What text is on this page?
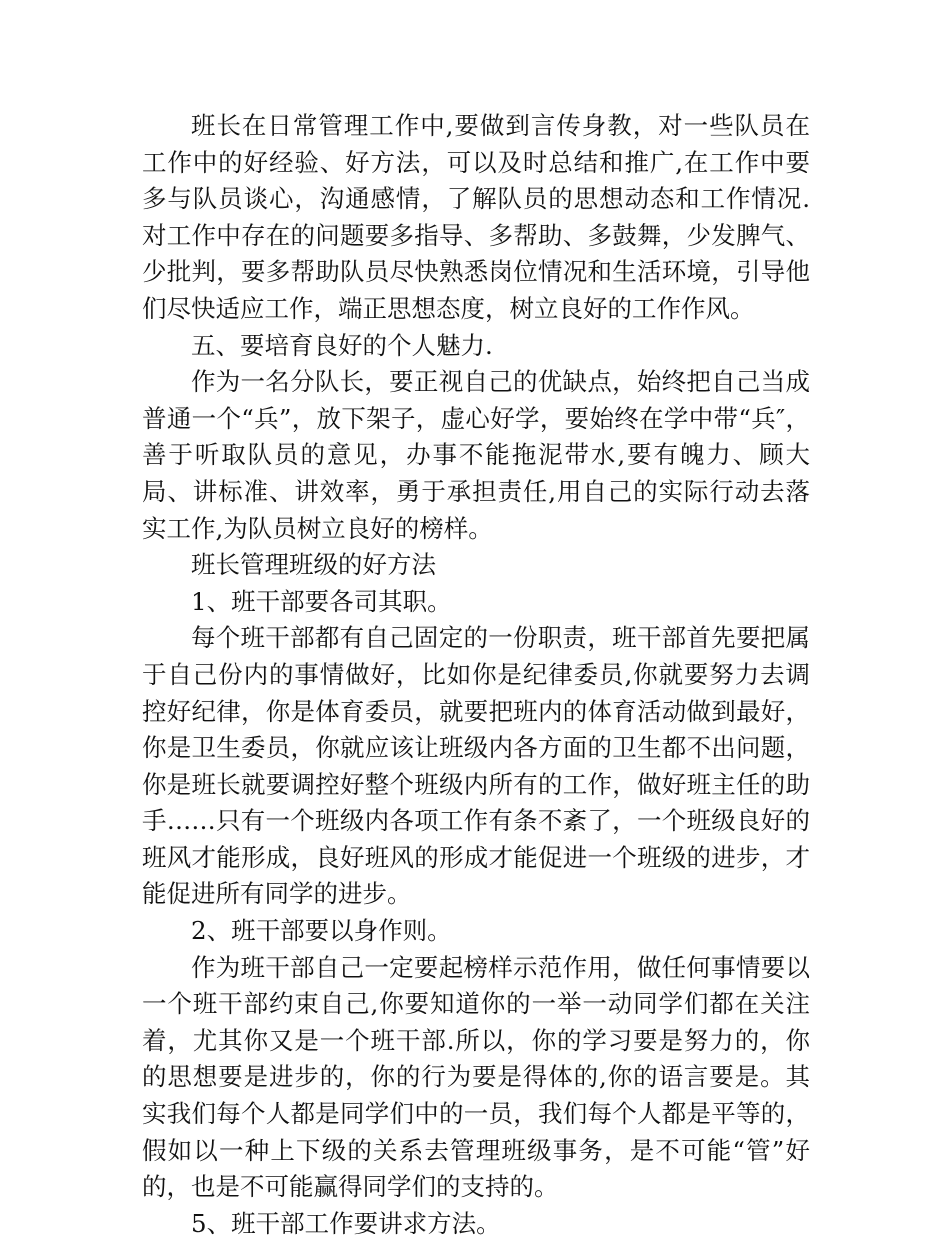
班长在日常管理工作中,要做到言传身教，对一些队员在工作中的好经验、好方法，可以及时总结和推广,在工作中要多与队员谈心，沟通感情，了解队员的思想动态和工作情况.对工作中存在的问题要多指导、多帮助、多鼓舞，少发脾气、少批判，要多帮助队员尽快熟悉岗位情况和生活环境，引导他们尽快适应工作，端正思想态度，树立良好的工作作风。

五、要培育良好的个人魅力.

作为一名分队长，要正视自己的优缺点，始终把自己当成普通一个“兵”，放下架子，虚心好学，要始终在学中带“兵″，善于听取队员的意见，办事不能拖泥带水,要有魄力、顾大局、讲标准、讲效率，勇于承担责任,用自己的实际行动去落实工作,为队员树立良好的榜样。

班长管理班级的好方法

1、班干部要各司其职。

每个班干部都有自己固定的一份职责，班干部首先要把属于自己份内的事情做好，比如你是纪律委员,你就要努力去调控好纪律，你是体育委员，就要把班内的体育活动做到最好，你是卫生委员，你就应该让班级内各方面的卫生都不出问题，你是班长就要调控好整个班级内所有的工作，做好班主任的助手……只有一个班级内各项工作有条不紊了，一个班级良好的班风才能形成，良好班风的形成才能促进一个班级的进步，才能促进所有同学的进步。

2、班干部要以身作则。

作为班干部自己一定要起榜样示范作用，做任何事情要以一个班干部约束自己,你要知道你的一举一动同学们都在关注着，尤其你又是一个班干部.所以，你的学习要是努力的，你的思想要是进步的，你的行为要是得体的,你的语言要是。其实我们每个人都是同学们中的一员，我们每个人都是平等的，假如以一种上下级的关系去管理班级事务，是不可能“管”好的，也是不可能赢得同学们的支持的。

5、班干部工作要讲求方法。
